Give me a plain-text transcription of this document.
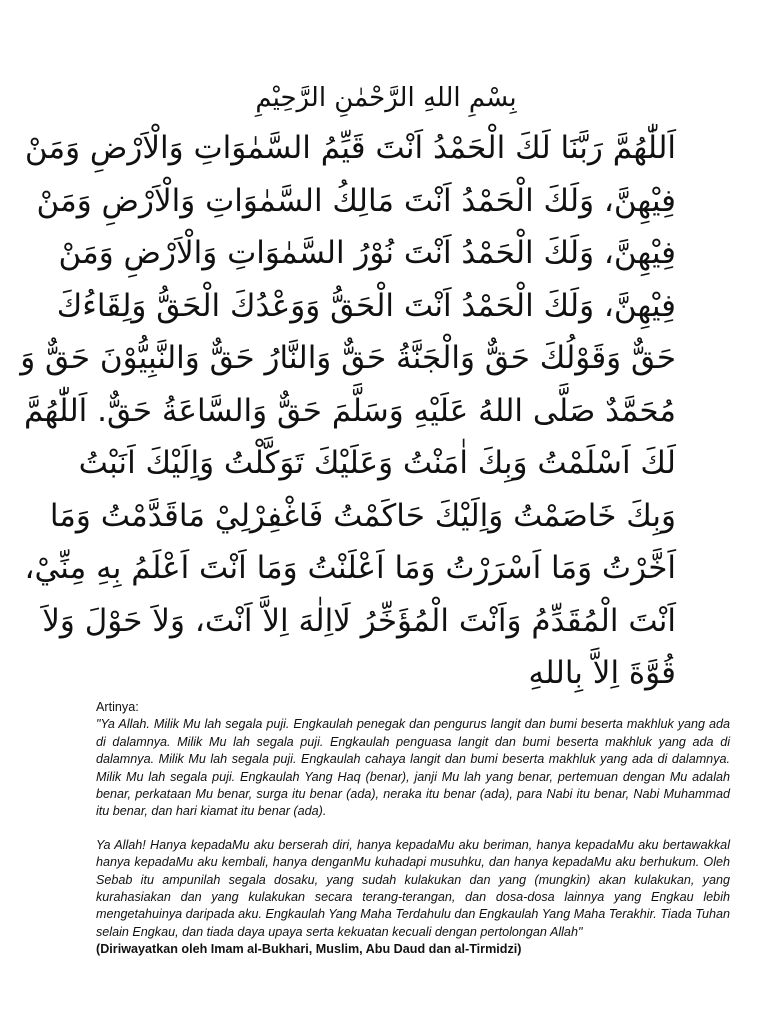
بِسْمِ اللهِ الرَّحْمٰنِ الرَّحِيْمِ
اَللّٰهُمَّ رَبَّنَا لَكَ الْحَمْدُ اَنْتَ قَيِّمُ السَّمٰوَاتِ وَالْاَرْضِ وَمَنْ
فِيْهِنَّ، وَلَكَ الْحَمْدُ اَنْتَ مَالِكُ السَّمٰوَاتِ وَالْاَرْضِ وَمَنْ
فِيْهِنَّ، وَلَكَ الْحَمْدُ اَنْتَ نُوْرُ السَّمٰوَاتِ وَالْاَرْضِ وَمَنْ
فِيْهِنَّ، وَلَكَ الْحَمْدُ اَنْتَ الْحَقُّ وَوَعْدُكَ الْحَقُّ وَلِقَاءُكَ
حَقٌّ وَقَوْلُكَ حَقٌّ وَالْجَنَّةُ حَقٌّ وَالنَّارُ حَقٌّ وَالنَّبِيُّوْنَ حَقٌّ وَ
مُحَمَّدٌ صَلَّى اللهُ عَلَيْهِ وَسَلَّمَ حَقٌّ وَالسَّاعَةُ حَقٌّ. اَللّٰهُمَّ
لَكَ اَسْلَمْتُ وَبِكَ اٰمَنْتُ وَعَلَيْكَ تَوَكَّلْتُ وَاِلَيْكَ اَنَبْتُ
وَبِكَ خَاصَمْتُ وَاِلَيْكَ حَاكَمْتُ فَاغْفِرْلِيْ مَاقَدَّمْتُ وَمَا
اَخَّرْتُ وَمَا اَسْرَرْتُ وَمَا اَعْلَنْتُ وَمَا اَنْتَ اَعْلَمُ بِهِ مِنِّيْ،
اَنْتَ الْمُقَدِّمُ وَاَنْتَ الْمُؤَخِّرُ لَااِلٰهَ اِلاَّ اَنْتَ، وَلاَ حَوْلَ وَلاَ
قُوَّةَ اِلاَّ بِاللهِ

Artinya:

"Ya Allah. Milik Mu lah segala puji. Engkaulah penegak dan pengurus langit dan bumi beserta makhluk yang ada di dalamnya. Milik Mu lah segala puji. Engkaulah penguasa langit dan bumi beserta makhluk yang ada di dalamnya. Milik Mu lah segala puji. Engkaulah cahaya langit dan bumi beserta makhluk yang ada di dalamnya. Milik Mu lah segala puji. Engkaulah Yang Haq (benar), janji Mu lah yang benar, pertemuan dengan Mu adalah benar, perkataan Mu benar, surga itu benar (ada), neraka itu benar (ada), para Nabi itu benar, Nabi Muhammad itu benar, dan hari kiamat itu benar (ada).

Ya Allah! Hanya kepadaMu aku berserah diri, hanya kepadaMu aku beriman, hanya kepadaMu aku bertawakkal hanya kepadaMu aku kembali, hanya denganMu kuhadapi musuhku, dan hanya kepadaMu aku berhukum. Oleh Sebab itu ampunilah segala dosaku, yang sudah kulakukan dan yang (mungkin) akan kulakukan, yang kurahasiakan dan yang kulakukan secara terang-terangan, dan dosa-dosa lainnya yang Engkau lebih mengetahuinya daripada aku. Engkaulah Yang Maha Terdahulu dan Engkaulah Yang Maha Terakhir. Tiada Tuhan selain Engkau, dan tiada daya upaya serta kekuatan kecuali dengan pertolongan Allah"

(Diriwayatkan oleh Imam al-Bukhari, Muslim, Abu Daud dan al-Tirmidzi)
